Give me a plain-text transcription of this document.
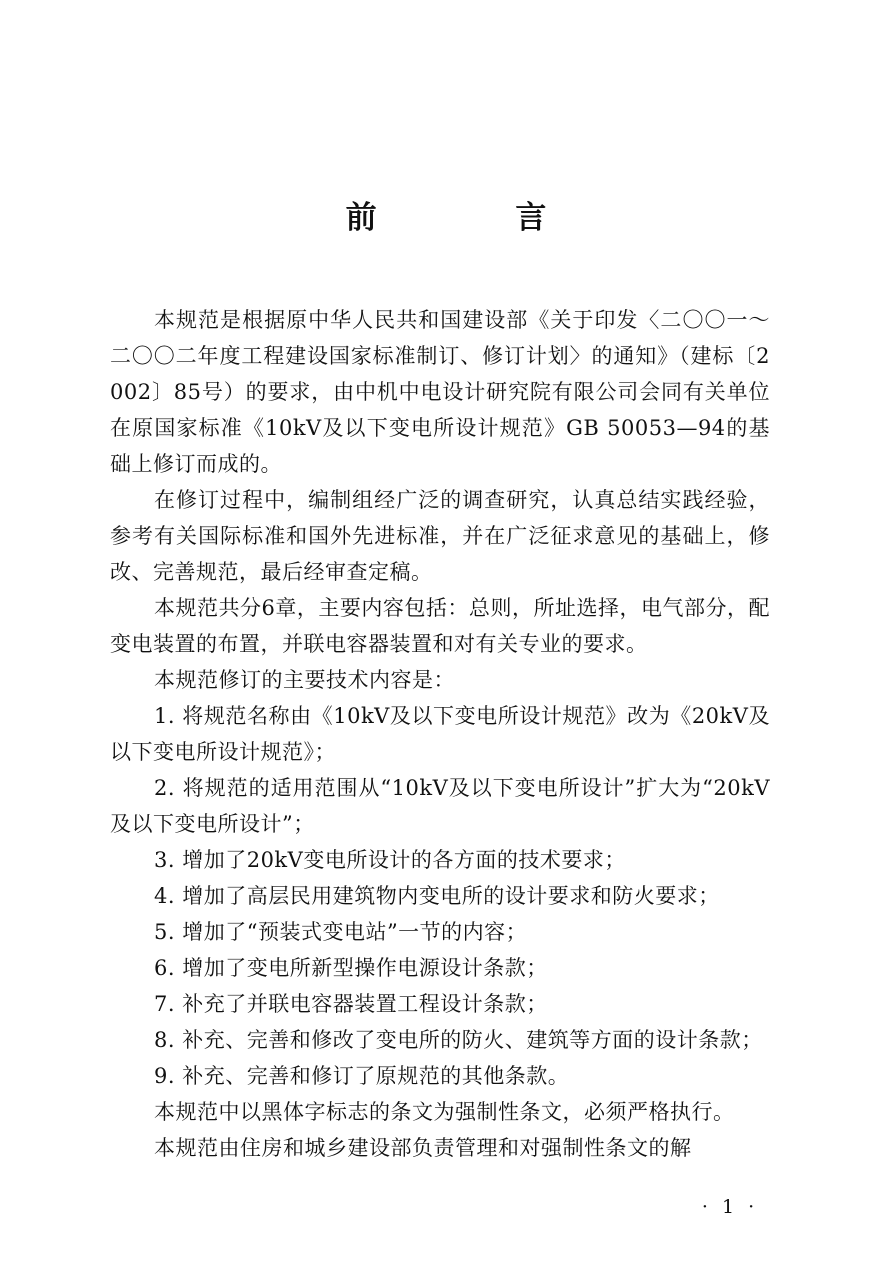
前 言

本规范是根据原中华人民共和国建设部《关于印发〈二〇〇一～二〇〇二年度工程建设国家标准制订、修订计划〉的通知》（建标〔2002〕85号）的要求，由中机中电设计研究院有限公司会同有关单位在原国家标准《10kV及以下变电所设计规范》GB 50053—94的基础上修订而成的。

在修订过程中，编制组经广泛的调查研究，认真总结实践经验，参考有关国际标准和国外先进标准，并在广泛征求意见的基础上，修改、完善规范，最后经审查定稿。

本规范共分6章，主要内容包括：总则，所址选择，电气部分，配变电装置的布置，并联电容器装置和对有关专业的要求。

本规范修订的主要技术内容是：

1. 将规范名称由《10kV及以下变电所设计规范》改为《20kV及以下变电所设计规范》；

2. 将规范的适用范围从“10kV及以下变电所设计”扩大为“20kV及以下变电所设计”；

3. 增加了20kV变电所设计的各方面的技术要求；

4. 增加了高层民用建筑物内变电所的设计要求和防火要求；

5. 增加了“预装式变电站”一节的内容；

6. 增加了变电所新型操作电源设计条款；

7. 补充了并联电容器装置工程设计条款；

8. 补充、完善和修改了变电所的防火、建筑等方面的设计条款；

9. 补充、完善和修订了原规范的其他条款。

本规范中以黑体字标志的条文为强制性条文，必须严格执行。

本规范由住房和城乡建设部负责管理和对强制性条文的解

· 1 ·
